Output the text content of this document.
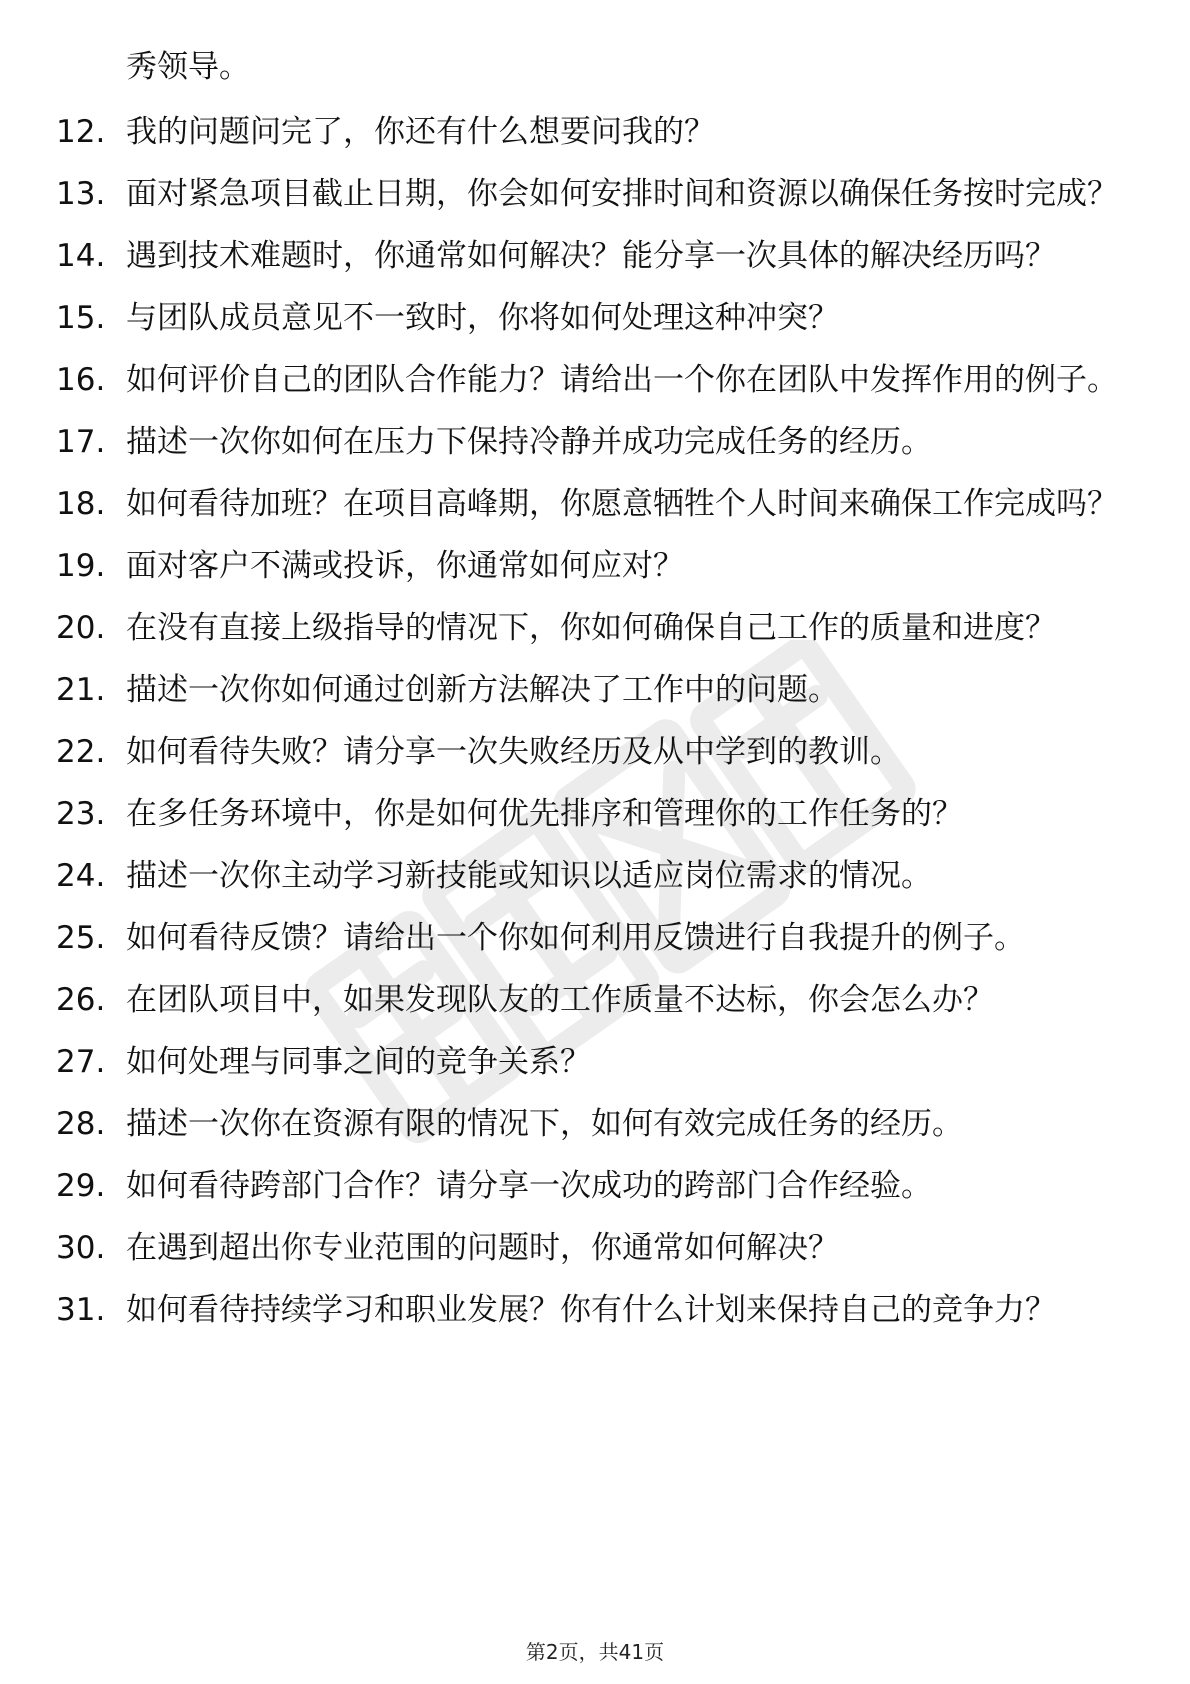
秀领导。
12. 我的问题问完了，你还有什么想要问我的？
13. 面对紧急项目截止日期，你会如何安排时间和资源以确保任务按时完成？
14. 遇到技术难题时，你通常如何解决？能分享一次具体的解决经历吗？
15. 与团队成员意见不一致时，你将如何处理这种冲突？
16. 如何评价自己的团队合作能力？请给出一个你在团队中发挥作用的例子。
17. 描述一次你如何在压力下保持冷静并成功完成任务的经历。
18. 如何看待加班？在项目高峰期，你愿意牺牲个人时间来确保工作完成吗？
19. 面对客户不满或投诉，你通常如何应对？
20. 在没有直接上级指导的情况下，你如何确保自己工作的质量和进度？
21. 描述一次你如何通过创新方法解决了工作中的问题。
22. 如何看待失败？请分享一次失败经历及从中学到的教训。
23. 在多任务环境中，你是如何优先排序和管理你的工作任务的？
24. 描述一次你主动学习新技能或知识以适应岗位需求的情况。
25. 如何看待反馈？请给出一个你如何利用反馈进行自我提升的例子。
26. 在团队项目中，如果发现队友的工作质量不达标，你会怎么办？
27. 如何处理与同事之间的竞争关系？
28. 描述一次你在资源有限的情况下，如何有效完成任务的经历。
29. 如何看待跨部门合作？请分享一次成功的跨部门合作经验。
30. 在遇到超出你专业范围的问题时，你通常如何解决？
31. 如何看待持续学习和职业发展？你有什么计划来保持自己的竞争力？
第2页，共41页
